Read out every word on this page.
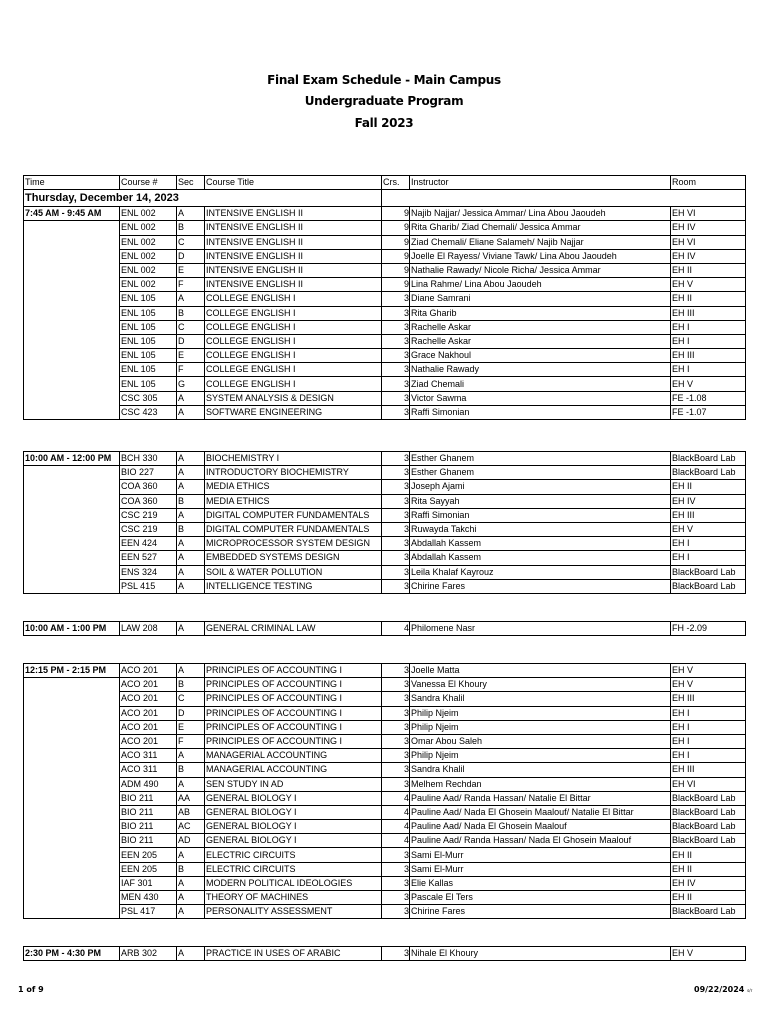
Final Exam Schedule - Main Campus
Undergraduate Program
Fall 2023
Time	Course #	Sec	Course Title	Crs.	Instructor	Room
Thursday, December 14, 2023						
7:45 AM - 9:45 AM	ENL 002	A	INTENSIVE ENGLISH II	9	Najib Najjar/ Jessica Ammar/ Lina Abou Jaoudeh	EH VI
	ENL 002	B	INTENSIVE ENGLISH II	9	Rita Gharib/ Ziad Chemali/ Jessica Ammar	EH IV
	ENL 002	C	INTENSIVE ENGLISH II	9	Ziad Chemali/ Eliane Salameh/ Najib Najjar	EH VI
	ENL 002	D	INTENSIVE ENGLISH II	9	Joelle El Rayess/ Viviane Tawk/ Lina Abou Jaoudeh	EH IV
	ENL 002	E	INTENSIVE ENGLISH II	9	Nathalie Rawady/ Nicole Richa/ Jessica Ammar	EH II
	ENL 002	F	INTENSIVE ENGLISH II	9	Lina Rahme/ Lina Abou Jaoudeh	EH V
	ENL 105	A	COLLEGE ENGLISH I	3	Diane Samrani	EH II
	ENL 105	B	COLLEGE ENGLISH I	3	Rita Gharib	EH III
	ENL 105	C	COLLEGE ENGLISH I	3	Rachelle Askar	EH I
	ENL 105	D	COLLEGE ENGLISH I	3	Rachelle Askar	EH I
	ENL 105	E	COLLEGE ENGLISH I	3	Grace Nakhoul	EH III
	ENL 105	F	COLLEGE ENGLISH I	3	Nathalie Rawady	EH I
	ENL 105	G	COLLEGE ENGLISH I	3	Ziad Chemali	EH V
	CSC 305	A	SYSTEM ANALYSIS & DESIGN	3	Victor Sawma	FE -1.08
	CSC 423	A	SOFTWARE ENGINEERING	3	Raffi Simonian	FE -1.07
10:00 AM - 12:00 PM	BCH 330	A	BIOCHEMISTRY I	3	Esther Ghanem	BlackBoard Lab
	BIO 227	A	INTRODUCTORY BIOCHEMISTRY	3	Esther Ghanem	BlackBoard Lab
	COA 360	A	MEDIA ETHICS	3	Joseph Ajami	EH II
	COA 360	B	MEDIA ETHICS	3	Rita Sayyah	EH IV
	CSC 219	A	DIGITAL COMPUTER FUNDAMENTALS	3	Raffi Simonian	EH III
	CSC 219	B	DIGITAL COMPUTER FUNDAMENTALS	3	Ruwayda Takchi	EH V
	EEN 424	A	MICROPROCESSOR SYSTEM DESIGN	3	Abdallah Kassem	EH I
	EEN 527	A	EMBEDDED SYSTEMS DESIGN	3	Abdallah Kassem	EH I
	ENS 324	A	SOIL & WATER POLLUTION	3	Leila Khalaf Kayrouz	BlackBoard Lab
	PSL 415	A	INTELLIGENCE TESTING	3	Chirine Fares	BlackBoard Lab
10:00 AM - 1:00 PM	LAW 208	A	GENERAL CRIMINAL LAW	4	Philomene Nasr	FH -2.09
12:15 PM - 2:15 PM	ACO 201	A	PRINCIPLES OF ACCOUNTING I	3	Joelle Matta	EH V
	ACO 201	B	PRINCIPLES OF ACCOUNTING I	3	Vanessa El Khoury	EH V
	ACO 201	C	PRINCIPLES OF ACCOUNTING I	3	Sandra Khalil	EH III
	ACO 201	D	PRINCIPLES OF ACCOUNTING I	3	Philip Njeim	EH I
	ACO 201	E	PRINCIPLES OF ACCOUNTING I	3	Philip Njeim	EH I
	ACO 201	F	PRINCIPLES OF ACCOUNTING I	3	Omar Abou Saleh	EH I
	ACO 311	A	MANAGERIAL ACCOUNTING	3	Philip Njeim	EH I
	ACO 311	B	MANAGERIAL ACCOUNTING	3	Sandra Khalil	EH III
	ADM 490	A	SEN STUDY IN AD	3	Melhem Rechdan	EH VI
	BIO 211	AA	GENERAL BIOLOGY I	4	Pauline Aad/ Randa Hassan/ Natalie El Bittar	BlackBoard Lab
	BIO 211	AB	GENERAL BIOLOGY I	4	Pauline Aad/ Nada El Ghosein Maalouf/ Natalie El Bittar	BlackBoard Lab
	BIO 211	AC	GENERAL BIOLOGY I	4	Pauline Aad/ Nada El Ghosein Maalouf	BlackBoard Lab
	BIO 211	AD	GENERAL BIOLOGY I	4	Pauline Aad/ Randa Hassan/ Nada El Ghosein Maalouf	BlackBoard Lab
	EEN 205	A	ELECTRIC CIRCUITS	3	Sami El-Murr	EH II
	EEN 205	B	ELECTRIC CIRCUITS	3	Sami El-Murr	EH II
	IAF 301	A	MODERN POLITICAL IDEOLOGIES	3	Elie Kallas	EH IV
	MEN 430	A	THEORY OF MACHINES	3	Pascale El Ters	EH II
	PSL 417	A	PERSONALITY ASSESSMENT	3	Chirine Fares	BlackBoard Lab
2:30 PM - 4:30 PM	ARB 302	A	PRACTICE IN USES OF ARABIC	3	Nihale El Khoury	EH V
1 of 9	09/22/2024 s/r
